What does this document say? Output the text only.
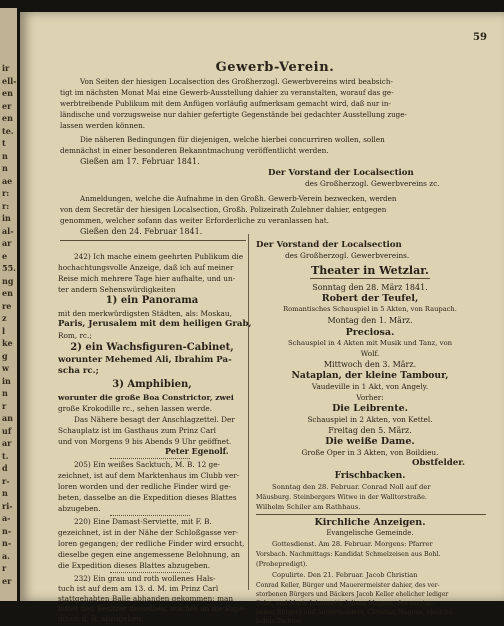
ir
ell-
en
er
en
te.
t
n
n
ae
r:
r:
in
al-
ar
e
55.
ng
en
re
z
l
ke
g
w
in
n
r
an
uf
ar
t.
d
r-
n
ri-
a-
n-
n-
a.
r
er
59
Gewerb-Verein.
Von Seiten der hiesigen Localsection des Großherzogl. Gewerbvereins wird beabsich-
tigt im nächsten Monat Mai eine Gewerb-Ausstellung dahier zu veranstalten, worauf das ge-
werbtreibende Publikum mit dem Anfügen vorläufig aufmerksam gemacht wird, daß nur in-
ländische und vorzugsweise nur dahier gefertigte Gegenstände bei gedachter Ausstellung zuge-
lassen werden können.
Die näheren Bedingungen für diejenigen, welche hierbei concurriren wollen, sollen
demnächst in einer besonderen Bekanntmachung veröffentlicht werden.
Gießen am 17. Februar 1841.
Der Vorstand der Localsection
des Großherzogl. Gewerbvereins zc.
Anmeldungen, welche die Aufnahme in den Großh. Gewerb-Verein bezwecken, werden
von dem Secretär der hiesigen Localsection, Großh. Polizeirath Zulehner dahier, entgegen
genommen, welcher sofann das weiter Erforderliche zu veranlassen hat.
Gießen den 24. Februar 1841.
Der Vorstand der Localsection
des Großherzogl. Gewerbvereins.
242) Ich mache einem geehrten Publikum die
hochachtungsvolle Anzeige, daß ich auf meiner
Reise mich mehrere Tage hier aufhalte, und un-
ter andern Sehenswürdigkeiten
1) ein Panorama
mit den merkwürdigsten Städten, als: Moskau,
Paris, Jerusalem mit dem heiligen Grab,
Rom, rc.;
2) ein Wachsfiguren-Cabinet,
worunter Mehemed Ali, Ibrahim Pa-
scha rc.;
3) Amphibien,
worunter die große Boa Constrictor, zwei
große Krokodille rc., sehen lassen werde.
Das Nähere besagt der Anschlagzettel. Der
Schauplatz ist im Gasthaus zum Prinz Carl
und von Morgens 9 bis Abends 9 Uhr geöffnet.
Peter Egenolf.
205) Ein weißes Sacktuch, M. B. 12 ge-
zeichnet, ist auf dem Marktenhaus im Clubb ver-
loren worden und der redliche Finder wird ge-
beten, dasselbe an die Expedition dieses Blattes
abzugeben.
220) Eine Damast-Serviette, mit F. B.
gezeichnet, ist in der Nähe der Schloßgasse ver-
loren gegangen; der redliche Finder wird ersucht,
dieselbe gegen eine angemessene Belohnung, an
die Expedition dieses Blattes abzugeben.
232) Ein grau und roth wollenes Hals-
tuch ist auf dem am 13. d. M. im Prinz Carl
stattgehabten Balle abhanden gekommen; man
bittet den Besitzer desselben, solches an die Expe-
dition d. B. abzugeben.
Theater in Wetzlar.
Sonntag den 28. März 1841.
Robert der Teufel,
Romantisches Schauspiel in 5 Akten, von Raupach.
Montag den 1. März.
Preciosa.
Schauspiel in 4 Akten mit Musik und Tanz, von
Wolf.
Mittwoch den 3. März.
Nataplan, der kleine Tambour,
Vaudeville in 1 Akt, von Angely.
Vorher:
Die Leibrente.
Schauspiel in 2 Akten, von Kettel.
Freitag den 5. März.
Die weiße Dame.
Große Oper in 3 Akten, von Boildieu.
Obstfelder.
Frischbacken.
Sonntag den 28. Februar. Conrad Noll auf der
Mäusburg. Steinbergers Witwe in der Walltorstraße.
Wilhelm Schiler am Rathhaus.
Kirchliche Anzeigen.
Evangelische Gemeinde.
Gottesdienst. Am 28. Februar. Morgens: Pfarrer
Vorsbach. Nachmittags: Kandidat Schmelzeisen aus Bohl.
(Probepredigt).
Copulirte. Den 21. Februar. Jacob Christian
Conrad Keller, Bürger und Mauerermeister dahier, des ver-
storbenen Bürgers und Bäckers Jacob Keller ehelicher lediger
Sohn, und Marie Johannette Juliane Magnus, des verstor-
benen Bürgers und Autfermeisters, Christian Magnus, eheliche
ledige Tochter.
